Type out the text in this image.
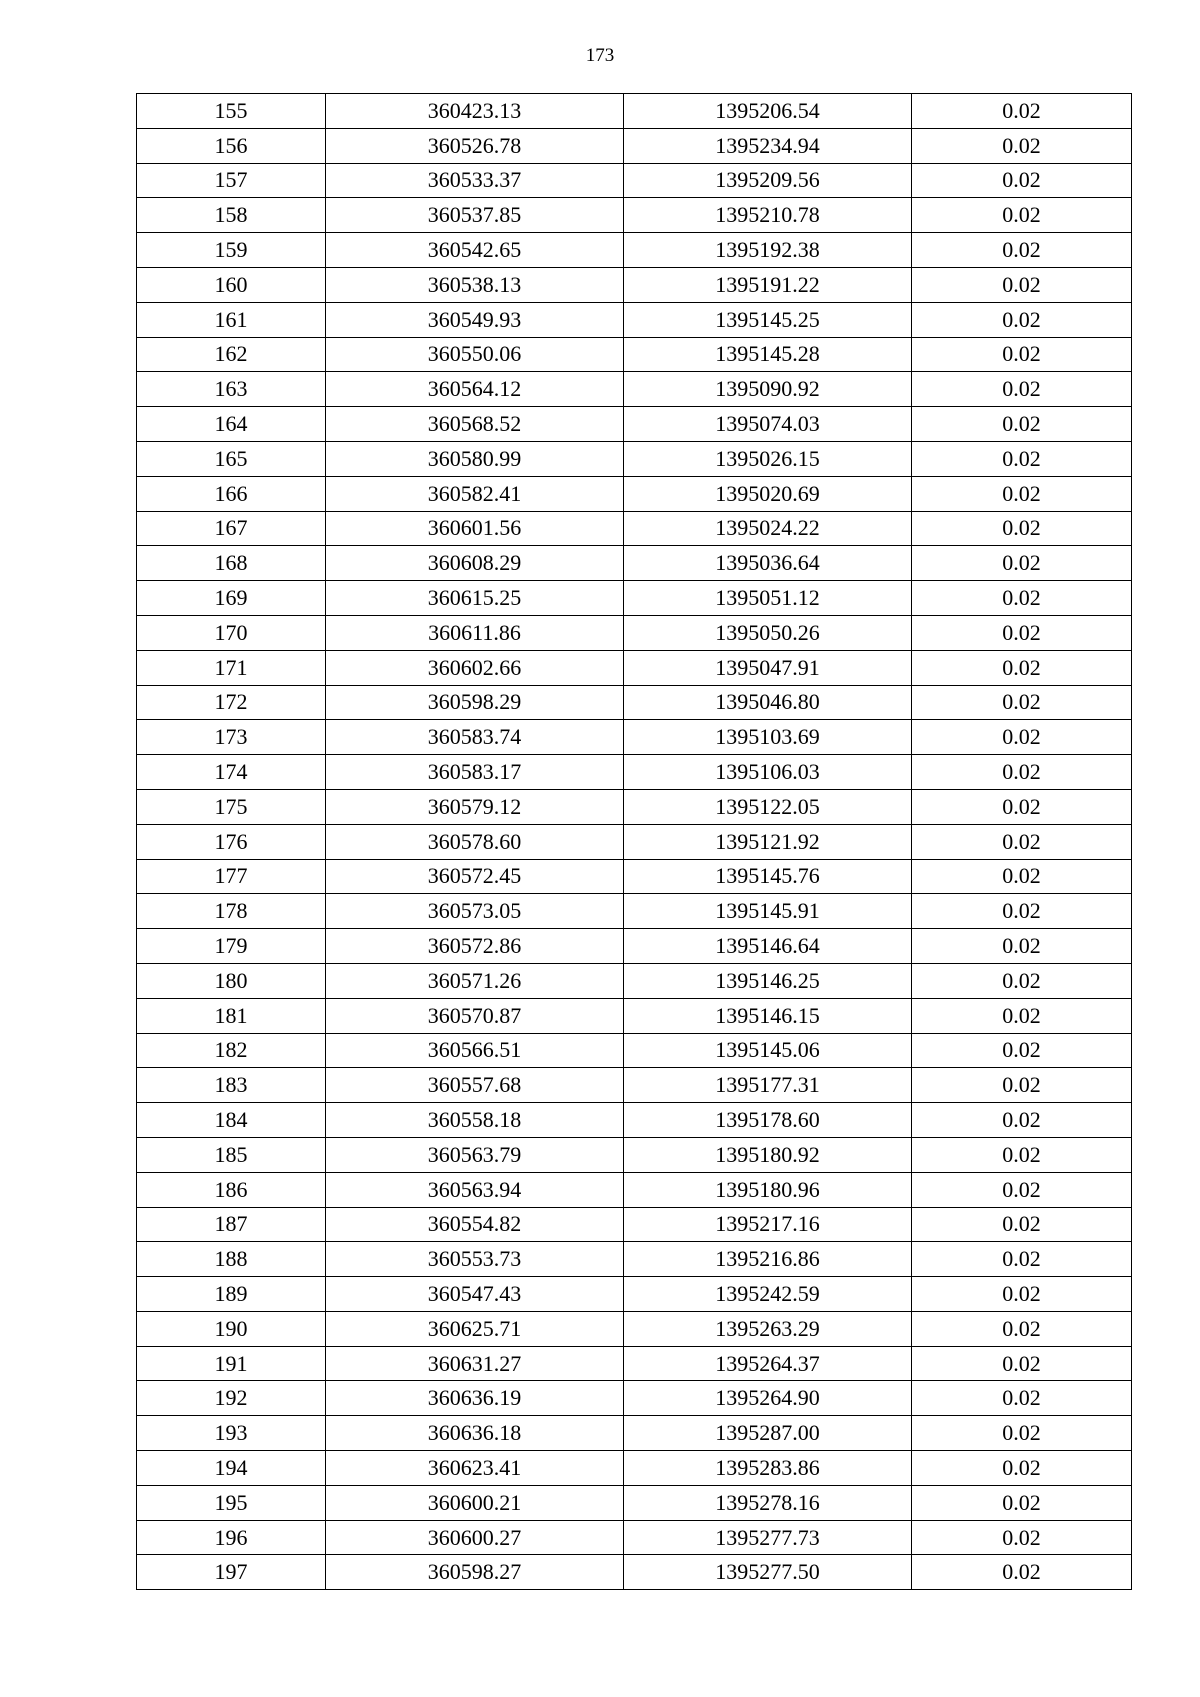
173
155	360423.13	1395206.54	0.02
156	360526.78	1395234.94	0.02
157	360533.37	1395209.56	0.02
158	360537.85	1395210.78	0.02
159	360542.65	1395192.38	0.02
160	360538.13	1395191.22	0.02
161	360549.93	1395145.25	0.02
162	360550.06	1395145.28	0.02
163	360564.12	1395090.92	0.02
164	360568.52	1395074.03	0.02
165	360580.99	1395026.15	0.02
166	360582.41	1395020.69	0.02
167	360601.56	1395024.22	0.02
168	360608.29	1395036.64	0.02
169	360615.25	1395051.12	0.02
170	360611.86	1395050.26	0.02
171	360602.66	1395047.91	0.02
172	360598.29	1395046.80	0.02
173	360583.74	1395103.69	0.02
174	360583.17	1395106.03	0.02
175	360579.12	1395122.05	0.02
176	360578.60	1395121.92	0.02
177	360572.45	1395145.76	0.02
178	360573.05	1395145.91	0.02
179	360572.86	1395146.64	0.02
180	360571.26	1395146.25	0.02
181	360570.87	1395146.15	0.02
182	360566.51	1395145.06	0.02
183	360557.68	1395177.31	0.02
184	360558.18	1395178.60	0.02
185	360563.79	1395180.92	0.02
186	360563.94	1395180.96	0.02
187	360554.82	1395217.16	0.02
188	360553.73	1395216.86	0.02
189	360547.43	1395242.59	0.02
190	360625.71	1395263.29	0.02
191	360631.27	1395264.37	0.02
192	360636.19	1395264.90	0.02
193	360636.18	1395287.00	0.02
194	360623.41	1395283.86	0.02
195	360600.21	1395278.16	0.02
196	360600.27	1395277.73	0.02
197	360598.27	1395277.50	0.02
